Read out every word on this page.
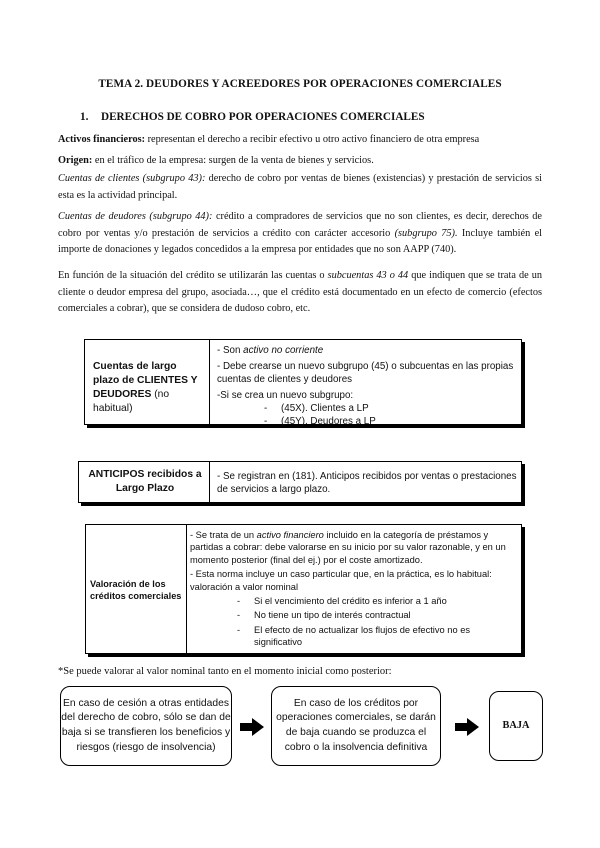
TEMA 2. DEUDORES Y ACREEDORES POR OPERACIONES COMERCIALES
1. DERECHOS DE COBRO POR OPERACIONES COMERCIALES

Activos financieros: representan el derecho a recibir efectivo u otro activo financiero de otra empresa

Origen: en el tráfico de la empresa: surgen de la venta de bienes y servicios.

Cuentas de clientes (subgrupo 43): derecho de cobro por ventas de bienes (existencias) y prestación de servicios si esta es la actividad principal.

Cuentas de deudores (subgrupo 44): crédito a compradores de servicios que no son clientes, es decir, derechos de cobro por ventas y/o prestación de servicios a crédito con carácter accesorio (subgrupo 75). Incluye también el importe de donaciones y legados concedidos a la empresa por entidades que no son AAPP (740).

En función de la situación del crédito se utilizarán las cuentas o subcuentas 43 o 44 que indiquen que se trata de un cliente o deudor empresa del grupo, asociada…, que el crédito está documentado en un efecto de comercio (efectos comerciales a cobrar), que se considera de dudoso cobro, etc.

Cuentas de largo plazo de CLIENTES Y DEUDORES (no habitual)
- Son activo no corriente
- Debe crearse un nuevo subgrupo (45) o subcuentas en las propias cuentas de clientes y deudores
-Si se crea un nuevo subgrupo:
- (45X). Clientes a LP
- (45Y). Deudores a LP
ANTICIPOS recibidos a Largo Plazo
- Se registran en (181). Anticipos recibidos por ventas o prestaciones de servicios a largo plazo.
Valoración de los créditos comerciales
- Se trata de un activo financiero incluido en la categoría de préstamos y partidas a cobrar: debe valorarse en su inicio por su valor razonable, y en un momento posterior (final del ej.) por el coste amortizado.
- Esta norma incluye un caso particular que, en la práctica, es lo habitual: valoración a valor nominal
- Si el vencimiento del crédito es inferior a 1 año
- No tiene un tipo de interés contractual
- El efecto de no actualizar los flujos de efectivo no es significativo

*Se puede valorar al valor nominal tanto en el momento inicial como posterior:

En caso de cesión a otras entidades del derecho de cobro, sólo se dan de baja si se transfieren los beneficios y riesgos (riesgo de insolvencia)
En caso de los créditos por operaciones comerciales, se darán de baja cuando se produzca el cobro o la insolvencia definitiva
BAJA
